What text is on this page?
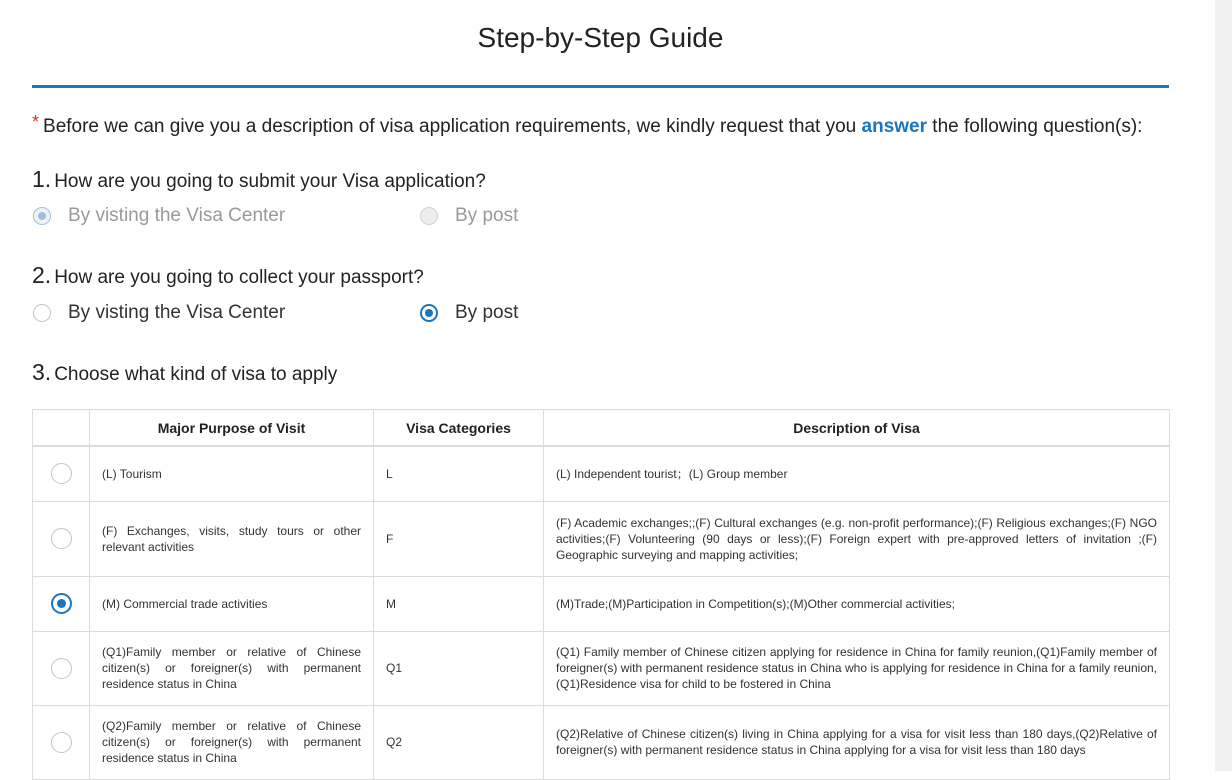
Step-by-Step Guide
* Before we can give you a description of visa application requirements, we kindly request that you answer the following question(s):
1. How are you going to submit your Visa application?
By visting the Visa Center	By post
2. How are you going to collect your passport?
By visting the Visa Center	By post
3. Choose what kind of visa to apply
	Major Purpose of Visit	Visa Categories	Description of Visa
	(L) Tourism	L	(L) Independent tourist；(L) Group member
	(F) Exchanges, visits, study tours or other relevant activities	F	(F) Academic exchanges;;(F) Cultural exchanges (e.g. non-profit performance);(F) Religious exchanges;(F) NGO activities;(F) Volunteering (90 days or less);(F) Foreign expert with pre-approved letters of invitation ;(F) Geographic surveying and mapping activities;
	(M) Commercial trade activities	M	(M)Trade;(M)Participation in Competition(s);(M)Other commercial activities;
	(Q1)Family member or relative of Chinese citizen(s) or foreigner(s) with permanent residence status in China	Q1	(Q1) Family member of Chinese citizen applying for residence in China for family reunion,(Q1)Family member of foreigner(s) with permanent residence status in China who is applying for residence in China for a family reunion,(Q1)Residence visa for child to be fostered in China
	(Q2)Family member or relative of Chinese citizen(s) or foreigner(s) with permanent residence status in China	Q2	(Q2)Relative of Chinese citizen(s) living in China applying for a visa for visit less than 180 days,(Q2)Relative of foreigner(s) with permanent residence status in China applying for a visa for visit less than 180 days
